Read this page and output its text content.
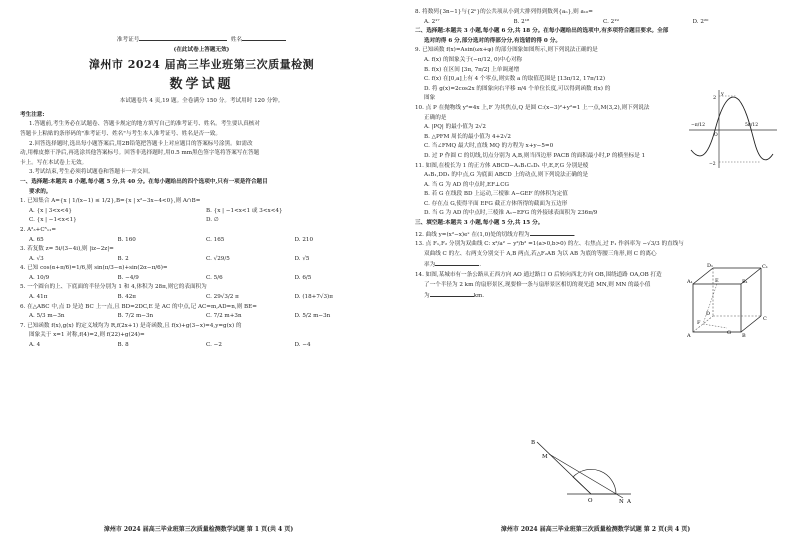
准考证号	姓名
(在此试卷上答题无效)
漳州市 2024 届高三毕业班第三次质量检测
数学试题
本试题卷共 4 页,19 题。全卷满分 150 分。考试用时 120 分钟。
考生注意:
1.答题前,考生务必在试题卷、答题卡规定的地方填写自己的准考证号、姓名。考生要认真核对
答题卡上粘贴的条形码的"准考证号、姓名"与考生本人准考证号、姓名是否一致。
2.回答选择题时,选出每小题答案后,用2B铅笔把答题卡上对应题目的答案标号涂黑。如需改
动,用橡皮擦干净后,再选涂其他答案标号。回答非选择题时,用0.5 mm黑色签字笔将答案写在答题
卡上。写在本试卷上无效。
3.考试结束,考生必须将试题卷和答题卡一并交回。
一、选择题:本题共 8 小题,每小题 5 分,共 40 分。在每小题给出的四个选项中,只有一项是符合题目
要求的。
1. 已知集合 A={x | 1/(x−1) ≤ 1/2},B={x | x²−3x−4<0},则 A∩B=
A. {x | 3<x<4}	B. {x | −1<x<1 或 3<x<4}
C. {x | −1<x<1}	D. ∅
2. A²₃+C⁵₁₁=
A. 65	B. 160	C. 165	D. 210
3. 若复数 z= 5i/(3−4i),则 |iz−2z|=
A. √3	B. 2	C. √29/5	D. √5
4. 已知 cos(α+π/6)=1/6,则 sin(π/3−α)+sin(2α−π/6)=
A. 10/9	B. −4/9	C. 5/6	D. 6/5
5. 一个圆台的上、下底面的半径分别为 1 和 4,体积为 28π,则它的表面积为
A. 41π	B. 42π	C. 29√3/2 π	D. (18+7√3)π
6. 在△ABC 中,点 D 是边 BC 上一点,且 BD=2DC,E 是 AC 的中点,记 AC=m,AD=n,则 BE=
A. 5/3 m−3n	B. 7/2 m−3n	C. 7/2 m+3n	D. 5/2 m−3n
7. 已知函数 f(x),g(x) 的定义域均为 R,f(2x+1) 是奇函数,且 f(x)+g(3−x)=4,y=g(x) 的
图象关于 x=1 对称,f(4)=2,则 f(22)+g(24)=
A. 4	B. 8	C. −2	D. −4
漳州市 2024 届高三毕业班第三次质量检测数学试题 第 1 页(共 4 页)
8. 将数列{3n−1}与{2ⁿ}的公共项从小到大排列得到数列{aₙ},则 a₁₀=
A. 2¹⁷	B. 2¹⁸	C. 2¹⁹	D. 2²⁰
二、选择题:本题共 3 小题,每小题 6 分,共 18 分。在每小题给出的选项中,有多项符合题目要求。全部
选对的得 6 分,部分选对的得部分分,有选错的得 0 分。
9. 已知函数 f(x)=Asin(ωx+φ) 的部分图象如图所示,则下列说法正确的是
A. f(x) 的图象关于(−π/12, 0)中心对称
B. f(x) 在区间 [3π, 7π/2] 上单调递增
C. f(x) 在[0,a]上有 4 个零点,则实数 a 的取值范围是 [13π/12, 17π/12)
D. 将 g(x)=2cos2x 的图象向右平移 π/4 个单位长度,可以得到函数 f(x) 的
图象
10. 点 P 在抛物线 y²=4x 上,F 为其焦点,Q 是圆 C:(x−3)²+y²=1 上一点,M(3,2),则下列说法
正确的是
A. |PQ| 的最小值为 2√2
B. △PFM 周长的最小值为 4+2√2
C. 当∠FMQ 最大时,直线 MQ 的方程为 x+y−5=0
D. 过 P 作圆 C 的切线,切点分别为 A,B,则当四边形 PACB 的面积最小时,P 的横坐标是 1
11. 如图,在棱长为 1 的正方体 ABCD−A₁B₁C₁D₁ 中,E,F,G 分别是棱
A₁B₁,DD₁ 的中点,G 为底面 ABCD 上的动点,则下列说法正确的是
A. 当 G 为 AD 的中点时,EF⊥CG
B. 若 G 在线段 BD 上运动,三棱锥 A−GEF 的体积为定值
C. 存在点 G,使得平面 EFG 截正方体所得的截面为五边形
D. 当 G 为 AD 的中点时,三棱锥 A₁−EFG 的外接球表面积为 236π/9
三、填空题:本题共 3 小题,每小题 5 分,共 15 分。
12. 曲线 y=(x²−x)eˣ 在(1,0)处的切线方程为	.
13. 点 F₁,F₂ 分别为双曲线 C: x²/a² − y²/b² =1(a>0,b>0) 的左、右焦点,过 F₁ 作斜率为 −√3/3 的直线与
双曲线 C 的左、右两支分别交于 A,B 两点,若△F₂AB 为以 AB 为底的等腰三角形,则 C 的离心
率为	.
14. 如图,某城市有一条公路从正西方向 AO 通过路口 O 后转向西北方向 OB,围绕道路 OA,OB 打造
了一个半径为 2 km 的扇形景区,现要修一条与扇形景区相切的观光道 MN,则 MN 的最小值
为	km.
y
2
−π/12	5π/12
O
−2
A₁	B₁
C₁
D₁
A	B
C
D
E
F
G
B
M
O	N A
漳州市 2024 届高三毕业班第三次质量检测数学试题 第 2 页(共 4 页)
